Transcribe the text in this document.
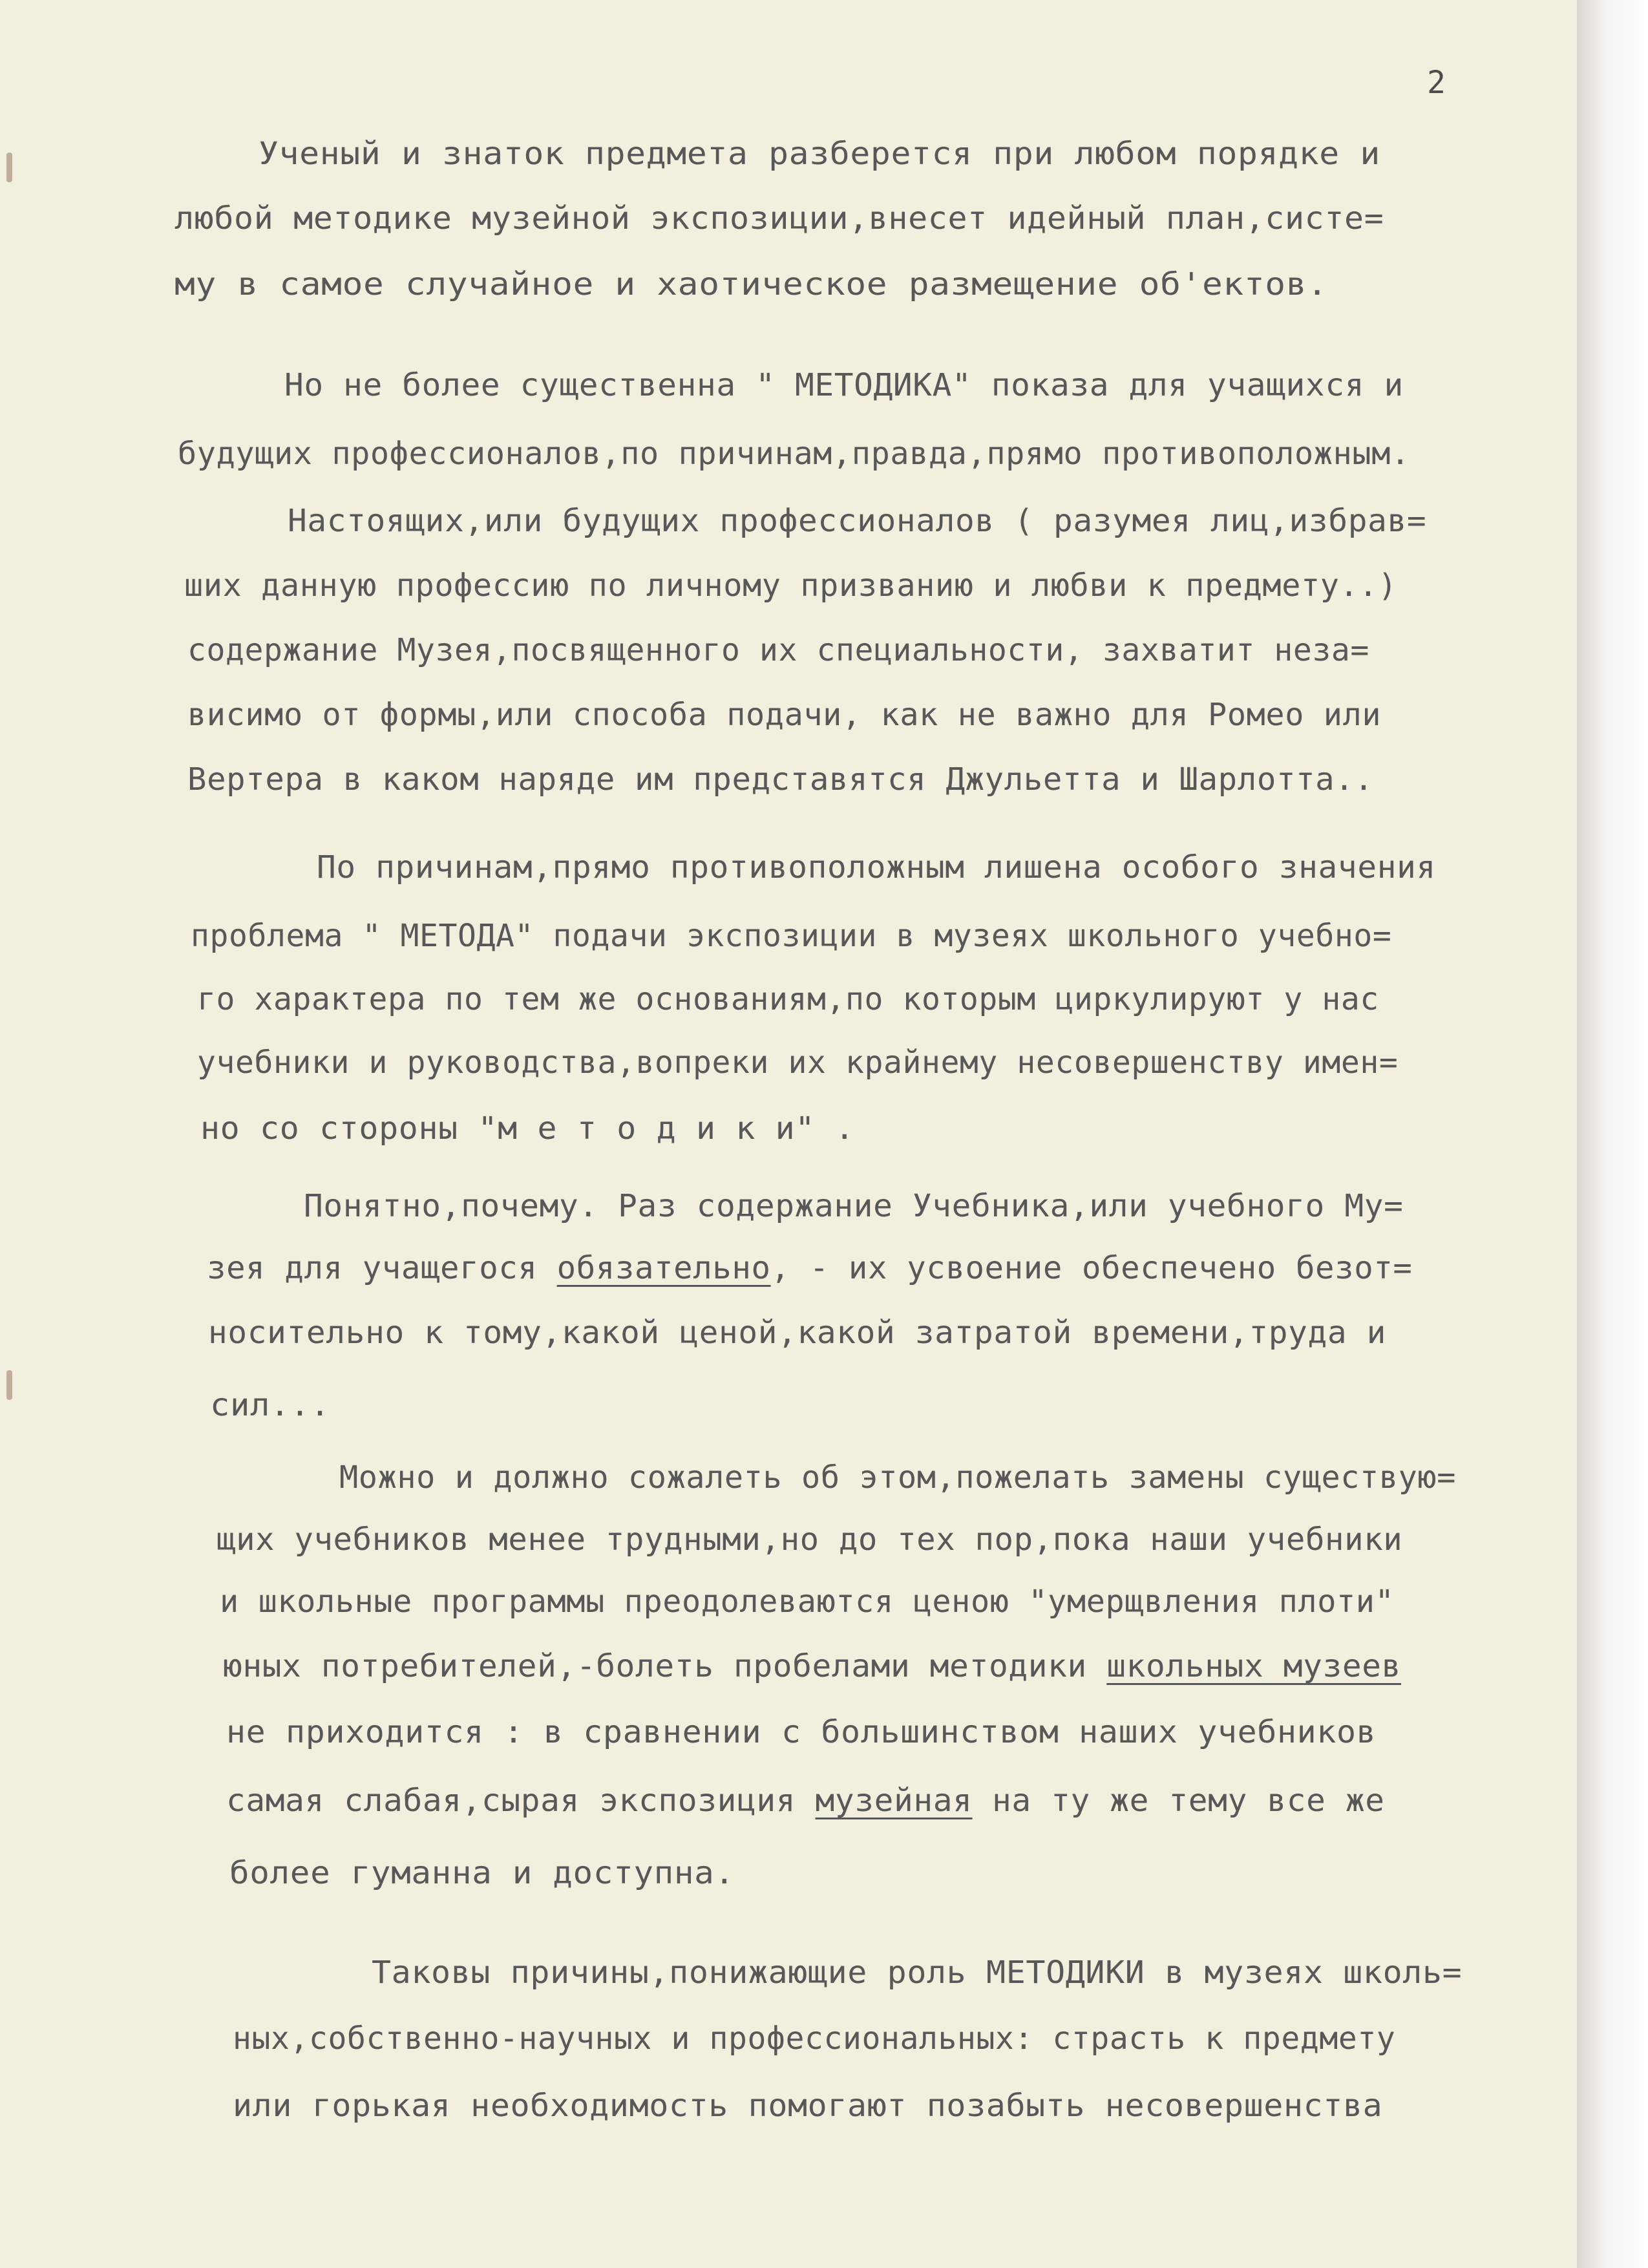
2

Ученый и знаток предмета разберется при любом порядке и

любой методике музейной экспозиции,внесет идейный план,систе=

му в самое случайное и хаотическое размещение об'ектов.

Но не более существенна " МЕТОДИКА" показа для учащихся и

будущих профессионалов,по причинам,правда,прямо противоположным.

Настоящих,или будущих профессионалов ( разумея лиц,избрав=

ших данную профессию по личному призванию и любви к предмету..)

содержание Музея,посвященного их специальности, захватит неза=

висимо от формы,или способа подачи, как не важно для Ромео или

Вертера в каком наряде им представятся Джульетта и Шарлотта..

По причинам,прямо противоположным лишена особого значения

проблема " МЕТОДА" подачи экспозиции в музеях школьного учебно=

го характера по тем же основаниям,по которым циркулируют у нас

учебники и руководства,вопреки их крайнему несовершенству имен=

но со стороны "м е т о д и к и" .

Понятно,почему. Раз содержание Учебника,или учебного Му=

зея для учащегося обязательно, - их усвоение обеспечено безот=

носительно к тому,какой ценой,какой затратой времени,труда и

сил...

Можно и должно сожалеть об этом,пожелать замены существую=

щих учебников менее трудными,но до тех пор,пока наши учебники

и школьные программы преодолеваются ценою "умерщвления плоти"

юных потребителей,-болеть пробелами методики школьных музеев

не приходится : в сравнении с большинством наших учебников

самая слабая,сырая экспозиция музейная на ту же тему все же

более гуманна и доступна.

Таковы причины,понижающие роль МЕТОДИКИ в музеях школь=

ных,собственно-научных и профессиональных: страсть к предмету

или горькая необходимость помогают позабыть несовершенства
